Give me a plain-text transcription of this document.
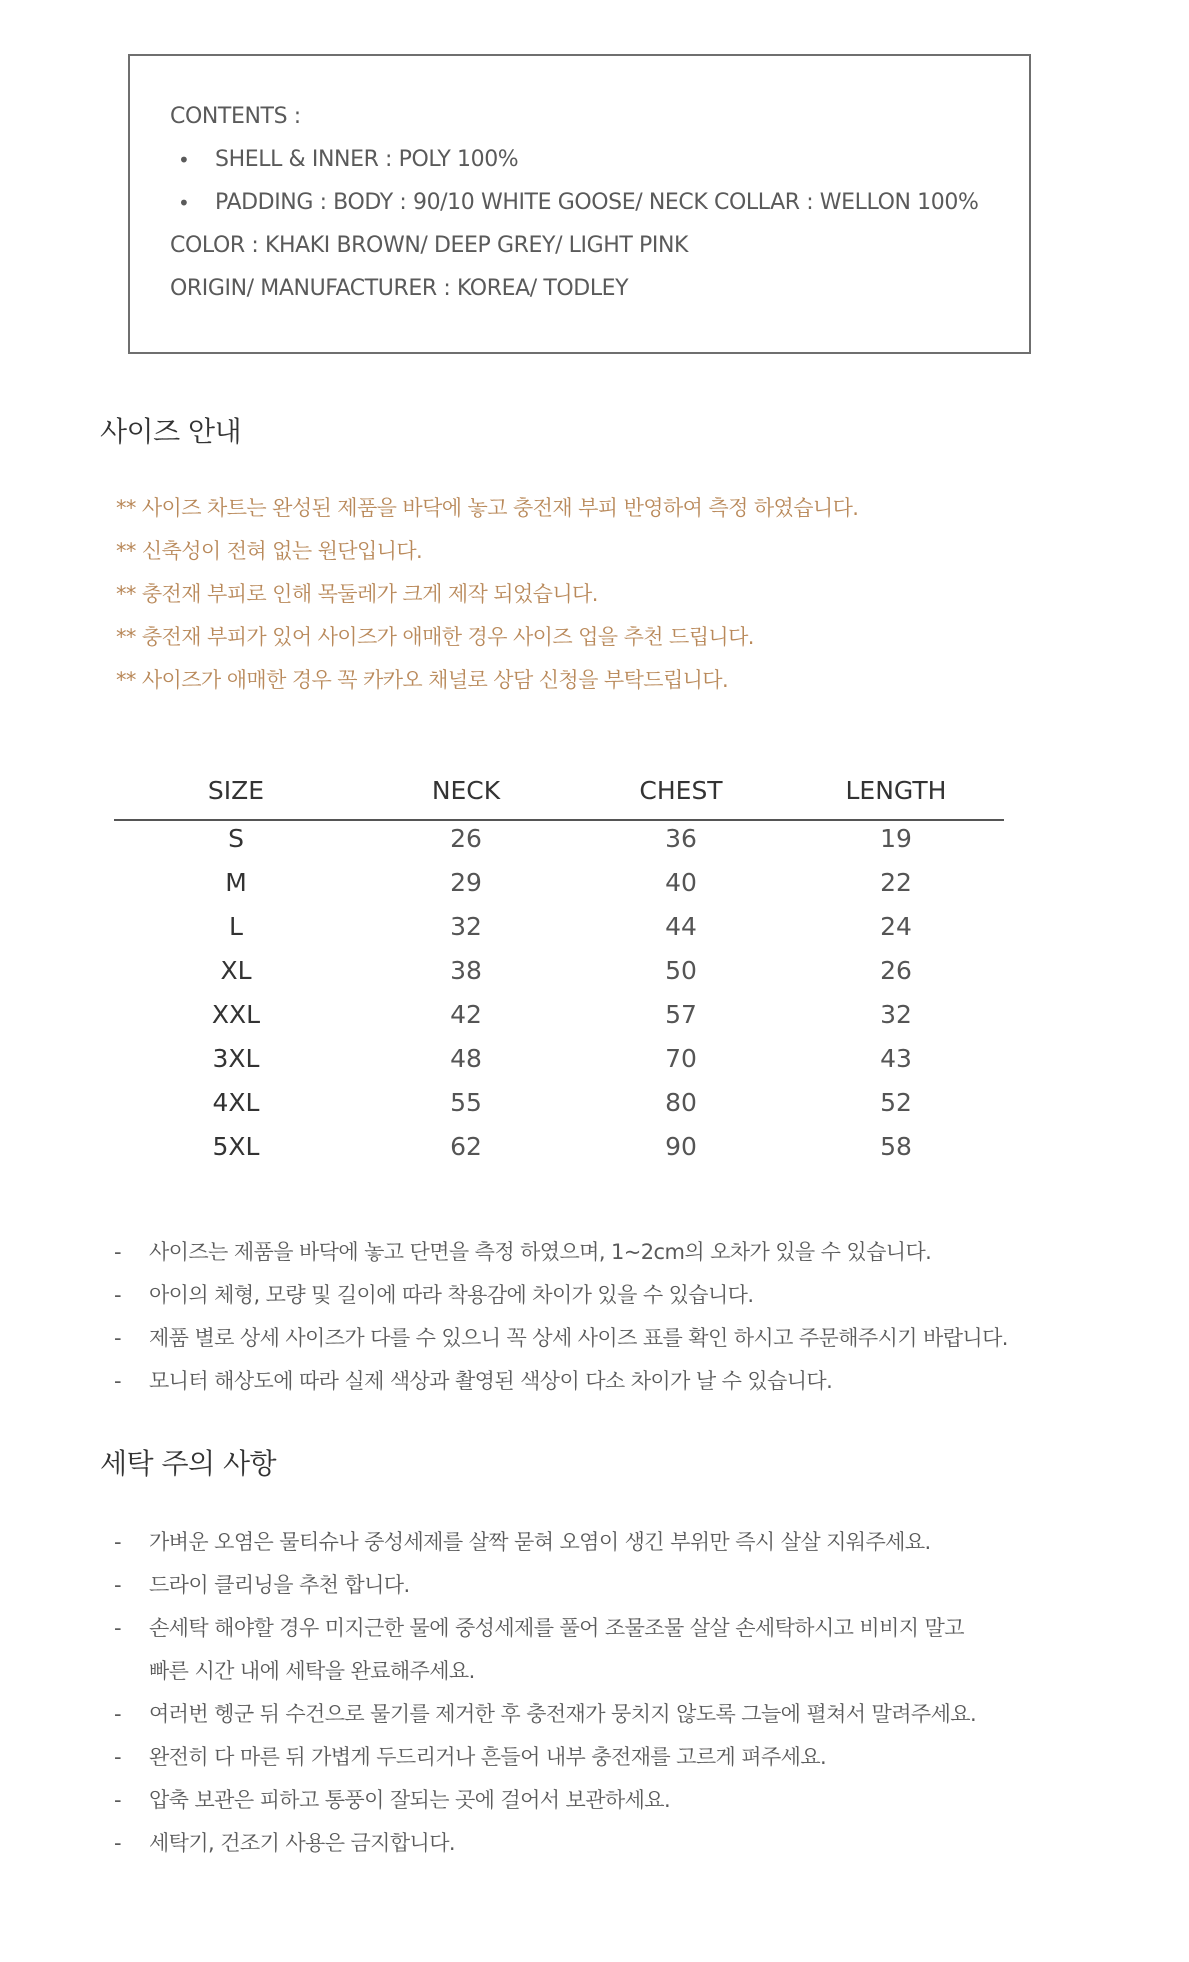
CONTENTS :
• SHELL & INNER : POLY 100%
• PADDING : BODY : 90/10 WHITE GOOSE/ NECK COLLAR : WELLON 100%
COLOR : KHAKI BROWN/ DEEP GREY/ LIGHT PINK
ORIGIN/ MANUFACTURER : KOREA/ TODLEY
사이즈 안내
** 사이즈 차트는 완성된 제품을 바닥에 놓고 충전재 부피 반영하여 측정 하였습니다.
** 신축성이 전혀 없는 원단입니다.
** 충전재 부피로 인해 목둘레가 크게 제작 되었습니다.
** 충전재 부피가 있어 사이즈가 애매한 경우 사이즈 업을 추천 드립니다.
** 사이즈가 애매한 경우 꼭 카카오 채널로 상담 신청을 부탁드립니다.
SIZE	NECK	CHEST	LENGTH
S	26	36	19
M	29	40	22
L	32	44	24
XL	38	50	26
XXL	42	57	32
3XL	48	70	43
4XL	55	80	52
5XL	62	90	58
- 사이즈는 제품을 바닥에 놓고 단면을 측정 하였으며, 1~2cm의 오차가 있을 수 있습니다.
- 아이의 체형, 모량 및 길이에 따라 착용감에 차이가 있을 수 있습니다.
- 제품 별로 상세 사이즈가 다를 수 있으니 꼭 상세 사이즈 표를 확인 하시고 주문해주시기 바랍니다.
- 모니터 해상도에 따라 실제 색상과 촬영된 색상이 다소 차이가 날 수 있습니다.
세탁 주의 사항
- 가벼운 오염은 물티슈나 중성세제를 살짝 묻혀 오염이 생긴 부위만 즉시 살살 지워주세요.
- 드라이 클리닝을 추천 합니다.
- 손세탁 해야할 경우 미지근한 물에 중성세제를 풀어 조물조물 살살 손세탁하시고 비비지 말고
빠른 시간 내에 세탁을 완료해주세요.
- 여러번 헹군 뒤 수건으로 물기를 제거한 후 충전재가 뭉치지 않도록 그늘에 펼쳐서 말려주세요.
- 완전히 다 마른 뒤 가볍게 두드리거나 흔들어 내부 충전재를 고르게 펴주세요.
- 압축 보관은 피하고 통풍이 잘되는 곳에 걸어서 보관하세요.
- 세탁기, 건조기 사용은 금지합니다.
